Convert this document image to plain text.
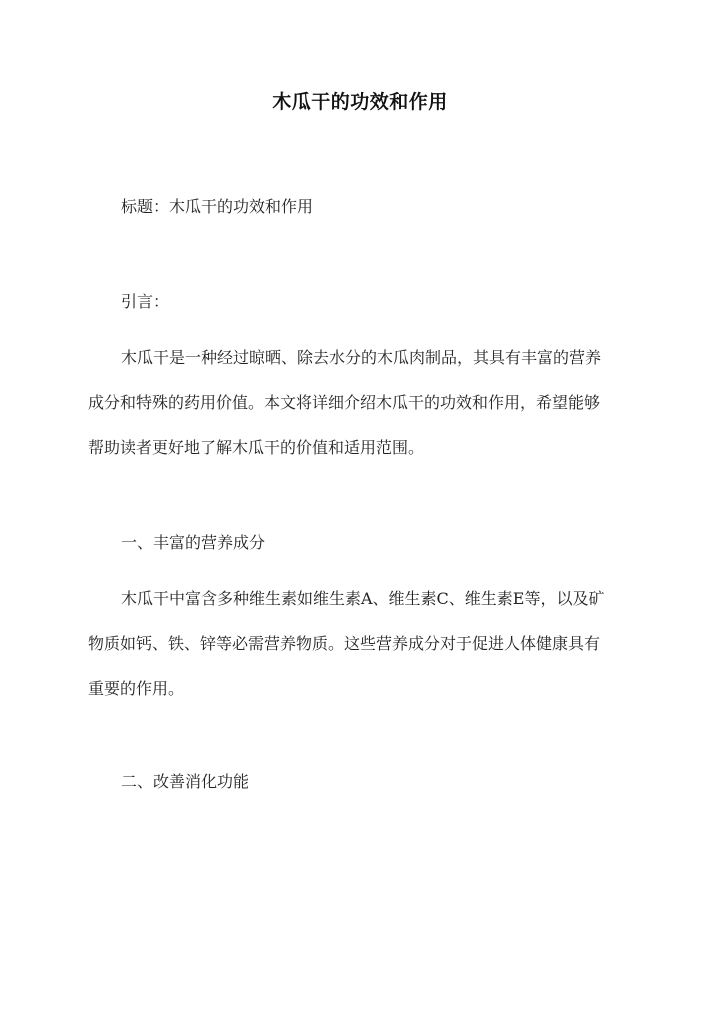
木瓜干的功效和作用
标题：木瓜干的功效和作用
引言：
木瓜干是一种经过晾晒、除去水分的木瓜肉制品，其具有丰富的营养
成分和特殊的药用价值。本文将详细介绍木瓜干的功效和作用，希望能够
帮助读者更好地了解木瓜干的价值和适用范围。
一、丰富的营养成分
木瓜干中富含多种维生素如维生素A、维生素C、维生素E等，以及矿
物质如钙、铁、锌等必需营养物质。这些营养成分对于促进人体健康具有
重要的作用。
二、改善消化功能
